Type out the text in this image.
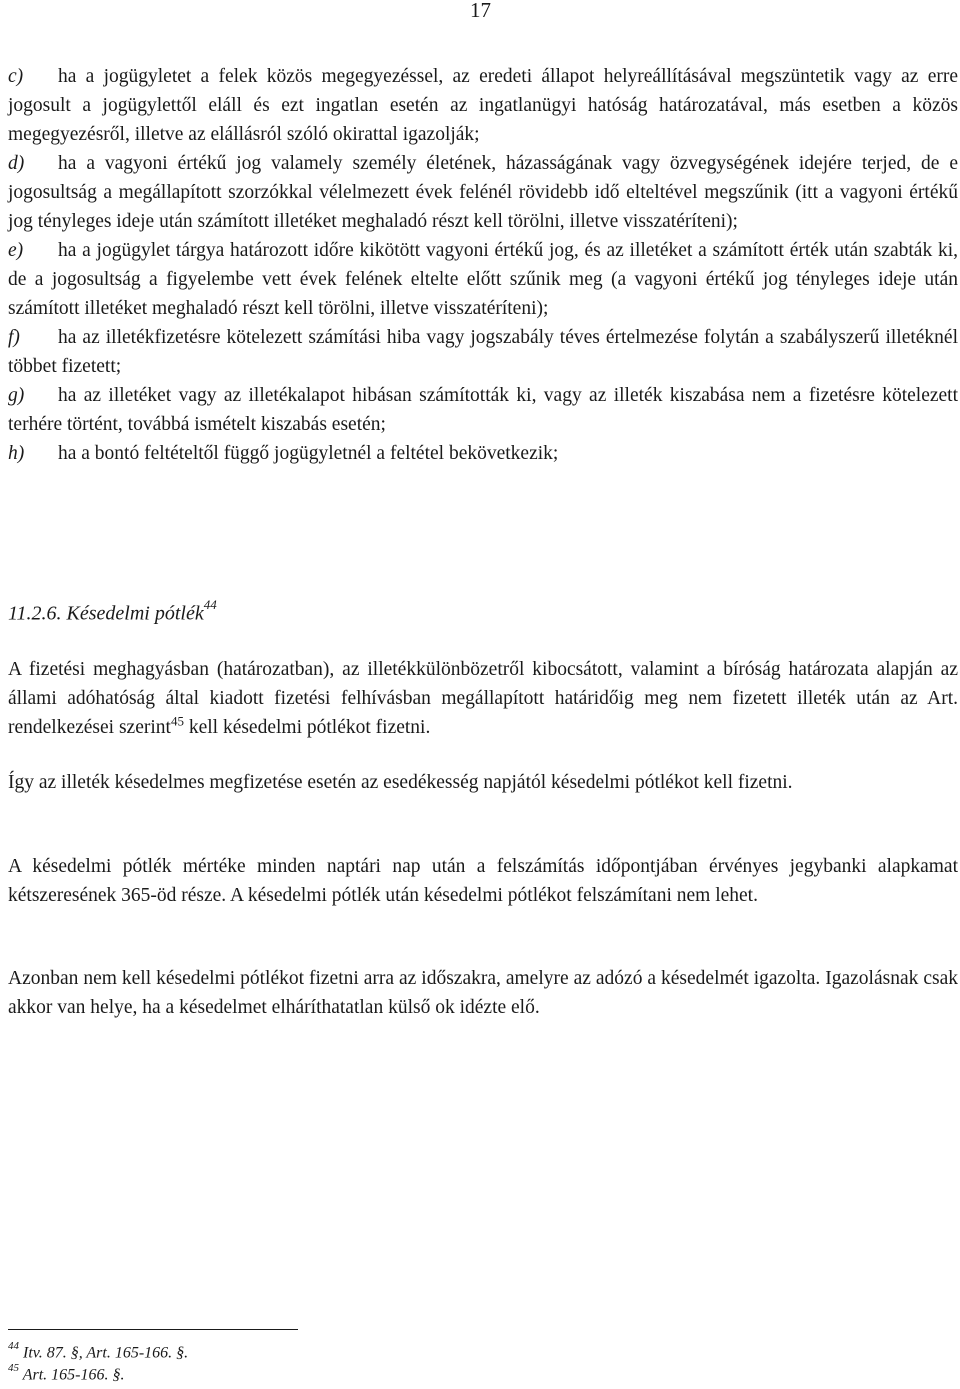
17

c) ha a jogügyletet a felek közös megegyezéssel, az eredeti állapot helyreállításával megszüntetik vagy az erre jogosult a jogügylettől eláll és ezt ingatlan esetén az ingatlanügyi hatóság határozatával, más esetben a közös megegyezésről, illetve az elállásról szóló okirattal igazolják;

d) ha a vagyoni értékű jog valamely személy életének, házasságának vagy özvegységének idejére terjed, de e jogosultság a megállapított szorzókkal vélelmezett évek felénél rövidebb idő elteltével megszűnik (itt a vagyoni értékű jog tényleges ideje után számított illetéket meghaladó részt kell törölni, illetve visszatéríteni);

e) ha a jogügylet tárgya határozott időre kikötött vagyoni értékű jog, és az illetéket a számított érték után szabták ki, de a jogosultság a figyelembe vett évek felének eltelte előtt szűnik meg (a vagyoni értékű jog tényleges ideje után számított illetéket meghaladó részt kell törölni, illetve visszatéríteni);

f) ha az illetékfizetésre kötelezett számítási hiba vagy jogszabály téves értelmezése folytán a szabályszerű illetéknél többet fizetett;

g) ha az illetéket vagy az illetékalapot hibásan számították ki, vagy az illeték kiszabása nem a fizetésre kötelezett terhére történt, továbbá ismételt kiszabás esetén;

h) ha a bontó feltételtől függő jogügyletnél a feltétel bekövetkezik;

11.2.6. Késedelmi pótlék$^{44}$

A fizetési meghagyásban (határozatban), az illetékkülönbözetről kibocsátott, valamint a bíróság határozata alapján az állami adóhatóság által kiadott fizetési felhívásban megállapított határidőig meg nem fizetett illeték után az Art. rendelkezései szerint$^{45}$ kell késedelmi pótlékot fizetni.

Így az illeték késedelmes megfizetése esetén az esedékesség napjától késedelmi pótlékot kell fizetni.

A késedelmi pótlék mértéke minden naptári nap után a felszámítás időpontjában érvényes jegybanki alapkamat kétszeresének 365-öd része. A késedelmi pótlék után késedelmi pótlékot felszámítani nem lehet.

Azonban nem kell késedelmi pótlékot fizetni arra az időszakra, amelyre az adózó a késedelmét igazolta. Igazolásnak csak akkor van helye, ha a késedelmet elháríthatatlan külső ok idézte elő.

$^{44}$ Itv. 87. §, Art. 165-166. §.

$^{45}$ Art. 165-166. §.
